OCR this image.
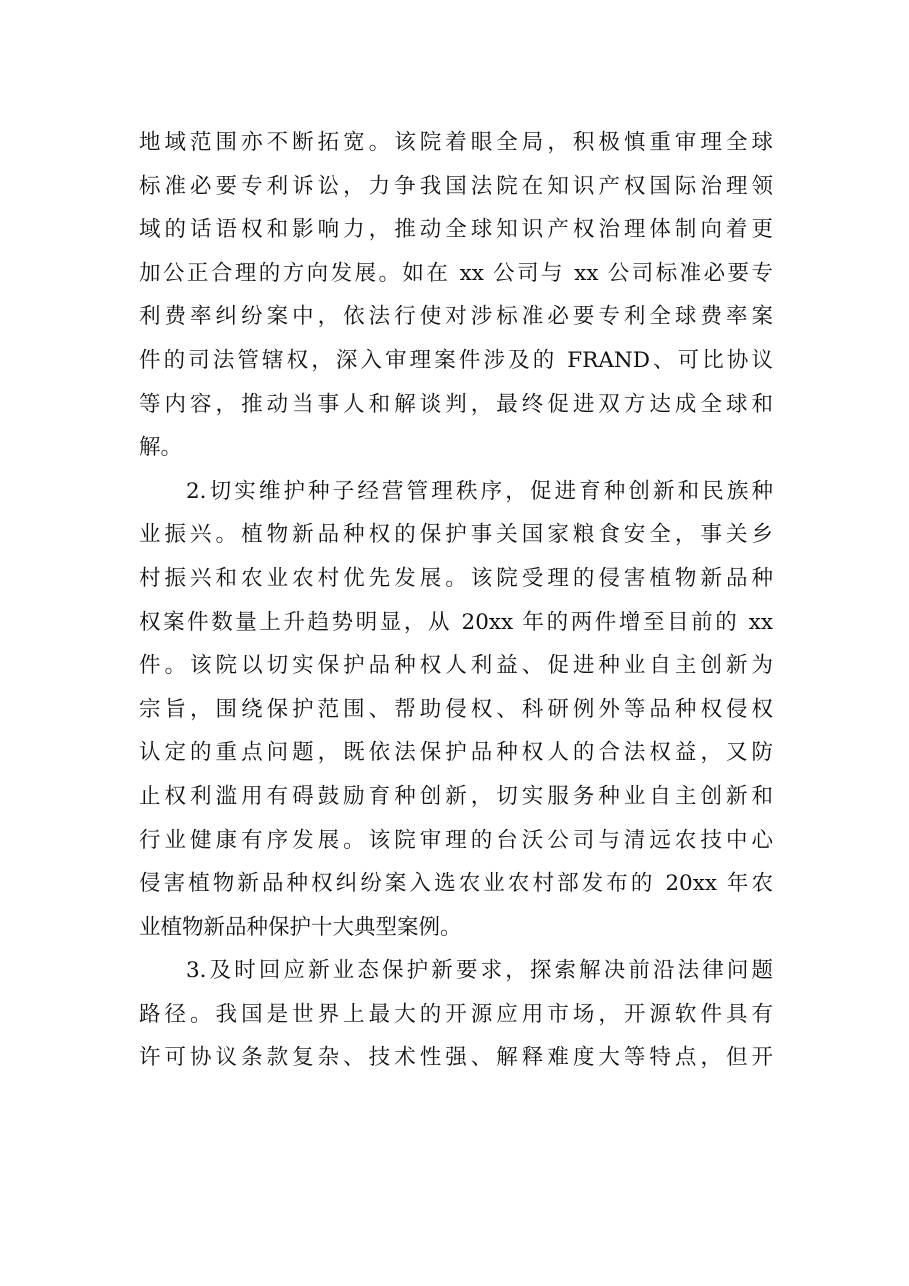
地域范围亦不断拓宽。该院着眼全局，积极慎重审理全球
标准必要专利诉讼，力争我国法院在知识产权国际治理领
域的话语权和影响力，推动全球知识产权治理体制向着更
加公正合理的方向发展。如在 xx 公司与 xx 公司标准必要专
利费率纠纷案中，依法行使对涉标准必要专利全球费率案
件的司法管辖权，深入审理案件涉及的 FRAND、可比协议
等内容，推动当事人和解谈判，最终促进双方达成全球和
解。
2.切实维护种子经营管理秩序，促进育种创新和民族种
业振兴。植物新品种权的保护事关国家粮食安全，事关乡
村振兴和农业农村优先发展。该院受理的侵害植物新品种
权案件数量上升趋势明显，从 20xx 年的两件增至目前的 xx
件。该院以切实保护品种权人利益、促进种业自主创新为
宗旨，围绕保护范围、帮助侵权、科研例外等品种权侵权
认定的重点问题，既依法保护品种权人的合法权益，又防
止权利滥用有碍鼓励育种创新，切实服务种业自主创新和
行业健康有序发展。该院审理的台沃公司与清远农技中心
侵害植物新品种权纠纷案入选农业农村部发布的 20xx 年农
业植物新品种保护十大典型案例。
3.及时回应新业态保护新要求，探索解决前沿法律问题
路径。我国是世界上最大的开源应用市场，开源软件具有
许可协议条款复杂、技术性强、解释难度大等特点，但开
